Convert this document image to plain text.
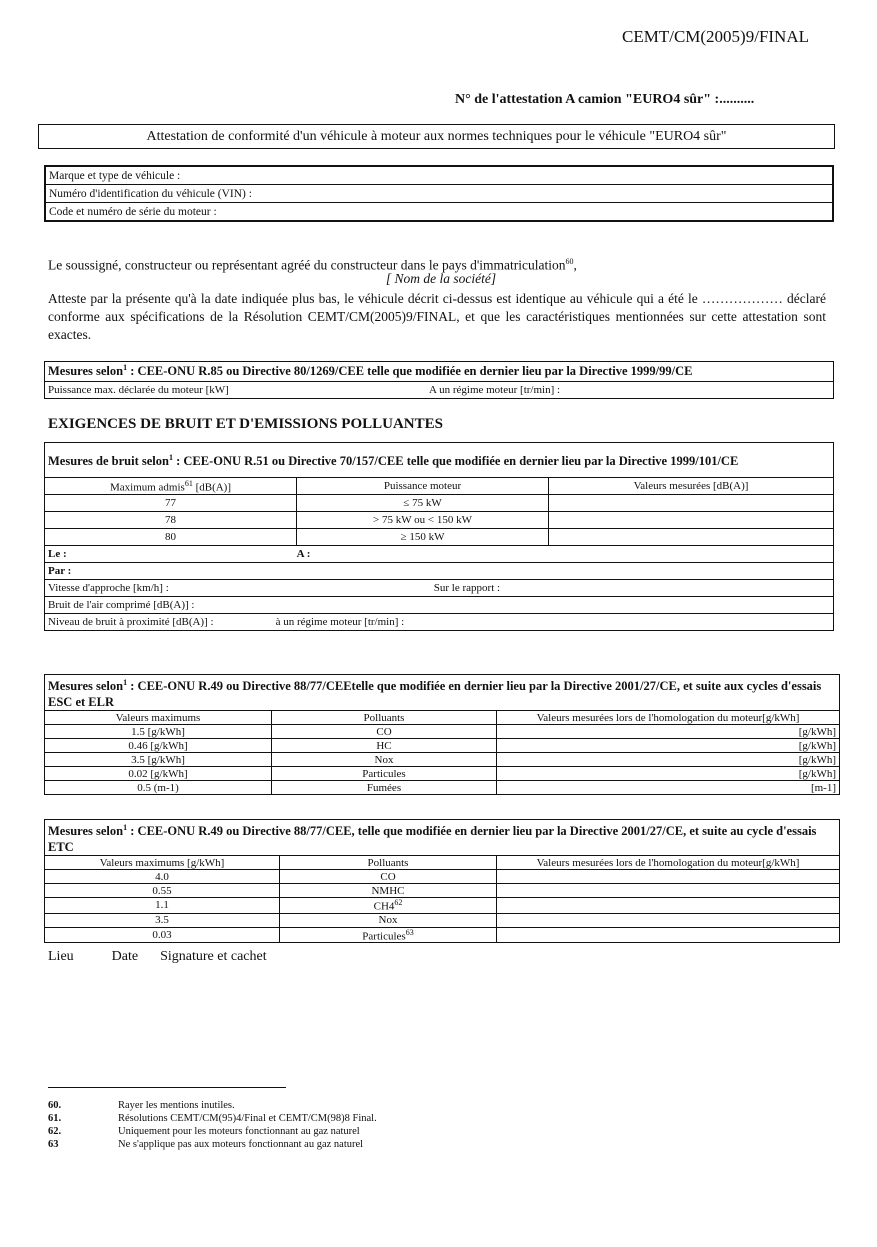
CEMT/CM(2005)9/FINAL
N° de l'attestation A camion "EURO4 sûr" :..........
Attestation de conformité d'un véhicule à moteur aux normes techniques pour le véhicule "EURO4 sûr"
Marque et type de véhicule :
Numéro d'identification du véhicule (VIN) :
Code et numéro de série du moteur :
Le soussigné, constructeur ou représentant agréé du constructeur dans le pays d'immatriculation$^{60}$,
[ Nom de la société]
Atteste par la présente qu'à la date indiquée plus bas, le véhicule décrit ci-dessus est identique au véhicule qui a été le ……………… déclaré conforme aux spécifications de la Résolution CEMT/CM(2005)9/FINAL, et que les caractéristiques mentionnées sur cette attestation sont exactes.
Mesures selon$^1$ : CEE-ONU R.85 ou Directive 80/1269/CEE telle que modifiée en dernier lieu par la Directive 1999/99/CE
Puissance max. déclarée du moteur [kW]	A un régime moteur [tr/min] :
EXIGENCES DE BRUIT ET D'EMISSIONS POLLUANTES
Mesures de bruit selon$^1$ : CEE-ONU R.51 ou Directive 70/157/CEE telle que modifiée en dernier lieu par la Directive 1999/101/CE		
Maximum admis$^{61}$ [dB(A)]	Puissance moteur	Valeurs mesurées [dB(A)]
77	≤ 75 kW	
78	> 75 kW ou < 150 kW	
80	≥ 150 kW	
Le : A :		
Par :		
Vitesse d'approche [km/h] : Sur le rapport :		
Bruit de l'air comprimé [dB(A)] :		
Niveau de bruit à proximité [dB(A)] : à un régime moteur [tr/min] :		
Mesures selon$^1$ : CEE-ONU R.49 ou Directive 88/77/CEEtelle que modifiée en dernier lieu par la Directive 2001/27/CE, et suite aux cycles d'essais ESC et ELR		
Valeurs maximums	Polluants	Valeurs mesurées lors de l'homologation du moteur[g/kWh]
1.5 [g/kWh]	CO	[g/kWh]
0.46 [g/kWh]	HC	[g/kWh]
3.5 [g/kWh]	Nox	[g/kWh]
0.02 [g/kWh]	Particules	[g/kWh]
0.5 (m-1)	Fumées	[m-1]
Mesures selon$^1$ : CEE-ONU R.49 ou Directive 88/77/CEE, telle que modifiée en dernier lieu par la Directive 2001/27/CE, et suite au cycle d'essais ETC		
Valeurs maximums [g/kWh]	Polluants	Valeurs mesurées lors de l'homologation du moteur[g/kWh]
4.0	CO	
0.55	NMHC	
1.1	$CH4^{62}$	
3.5	Nox	
0.03	Particules$^{63}$	
Lieu	Date Signature et cachet
60.	Rayer les mentions inutiles.
61.	Résolutions CEMT/CM(95)4/Final et CEMT/CM(98)8 Final.
62.	Uniquement pour les moteurs fonctionnant au gaz naturel
63	Ne s'applique pas aux moteurs fonctionnant au gaz naturel
